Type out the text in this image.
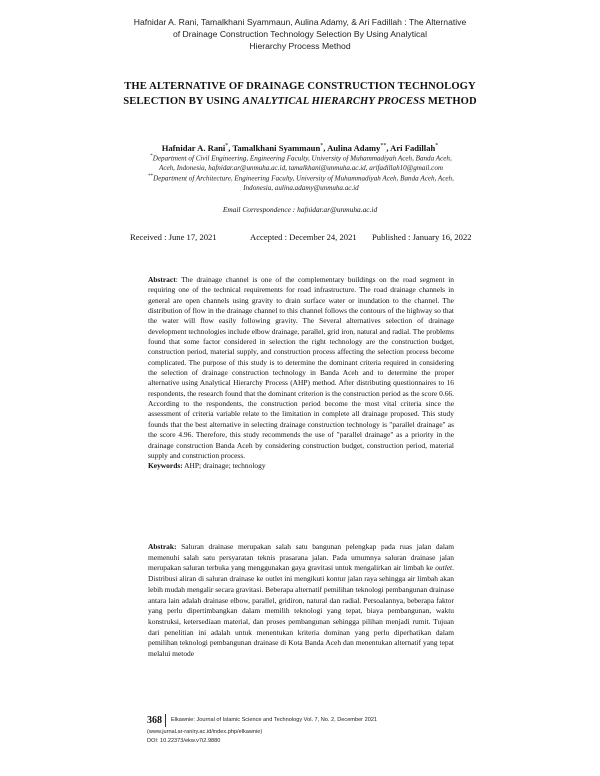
Hafnidar A. Rani, Tamalkhani Syammaun, Aulina Adamy, & Ari Fadillah : The Alternative
of Drainage Construction Technology Selection By Using Analytical
Hierarchy Process Method
THE ALTERNATIVE OF DRAINAGE CONSTRUCTION TECHNOLOGY
SELECTION BY USING ANALYTICAL HIERARCHY PROCESS METHOD
Hafnidar A. Rani*, Tamalkhani Syammaun*, Aulina Adamy**, Ari Fadillah*
*Department of Civil Engineering, Engineering Faculty, University of Muhammadiyah Aceh, Banda Aceh,
Aceh, Indonesia, hafnidar.ar@unmuha.ac.id, tamalkhani@unmuha.ac.id, arifadillah10@gmail.com
**Department of Architecture, Engineering Faculty, University of Muhammadiyah Aceh, Banda Aceh, Aceh,
Indonesia, aulina.adamy@unmuha.ac.id
Email Correspondence : hafnidar.ar@unmuha.ac.id
Received : June 17, 2021	Accepted : December 24, 2021 Published : January 16, 2022

Abstract: The drainage channel is one of the complementary buildings on the road segment in requiring one of the technical requirements for road infrastructure. The road drainage channels in general are open channels using gravity to drain surface water or inundation to the channel. The distribution of flow in the drainage channel to this channel follows the contours of the highway so that the water will flow easily following gravity. The Several alternatives selection of drainage development technologies include elbow drainage, parallel, grid iron, natural and radial. The problems found that some factor considered in selection the right technology are the construction budget, construction period, material supply, and construction process affecting the selection process become complicated. The purpose of this study is to determine the dominant criteria required in considering the selection of drainage construction technology in Banda Aceh and to determine the proper alternative using Analytical Hierarchy Process (AHP) method. After distributing questionnaires to 16 respondents, the research found that the dominant criterion is the construction period as the score 0.66. According to the respondents, the construction period become the most vital criteria since the assessment of criteria variable relate to the limitation in complete all drainage proposed. This study founds that the best alternative in selecting drainage construction technology is "parallel drainage" as the score 4.96. Therefore, this study recommends the use of "parallel drainage" as a priority in the drainage construction Banda Aceh by considering construction budget, construction period, material supply and construction process.

Keywords: AHP; drainage; technology

Abstrak: Saluran drainase merupakan salah satu bangunan pelengkap pada ruas jalan dalam memenuhi salah satu persyaratan teknis prasarana jalan. Pada umumnya saluran drainase jalan merupakan saluran terbuka yang menggunakan gaya gravitasi untuk mengalirkan air limbah ke outlet. Distribusi aliran di saluran drainase ke outlet ini mengikuti kontur jalan raya sehingga air limbah akan lebih mudah mengalir secara gravitasi. Beberapa alternatif pemilihan teknologi pembangunan drainase antara lain adalah drainase elbow, parallel, gridiron, natural dan radial. Persoalannya, beberapa faktor yang perlu dipertimbangkan dalam memilih teknologi yang tepat, biaya pembangunan, waktu konstruksi, ketersediaan material, dan proses pembangunan sehingga pilihan menjadi rumit. Tujuan dari penelitian ini adalah untuk menentukan kriteria dominan yang perlu diperhatikan dalam pemilihan teknologi pembangunan drainase di Kota Banda Aceh dan menentukan alternatif yang tepat melalui metode

368 Elkawnie: Journal of Islamic Science and Technology Vol. 7, No. 2, December 2021
(www.jurnal.ar-raniry.ac.id/index.php/elkawnie)
DOI: 10.22373/ekw.v7i2.9880
